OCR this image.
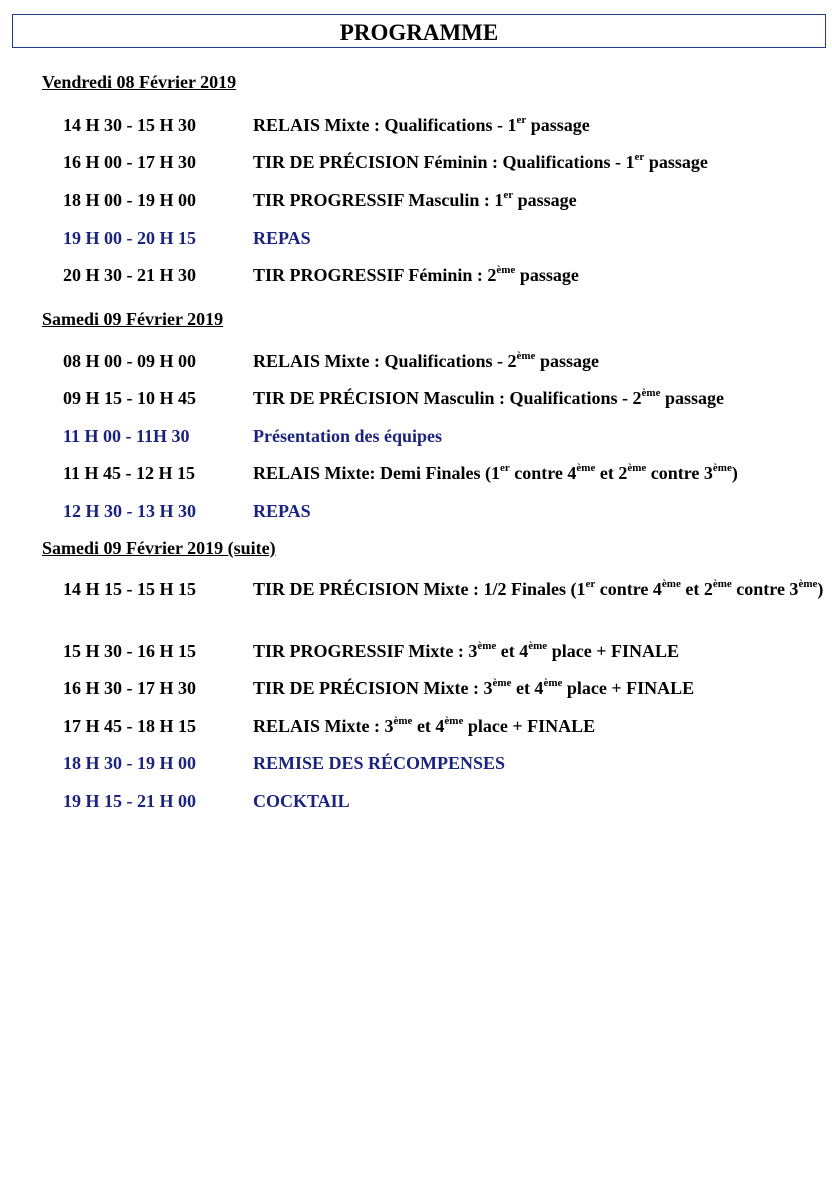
PROGRAMME
Vendredi 08 Février 2019
14 H 30 - 15 H 30	RELAIS Mixte : Qualifications - 1er passage
16 H 00 - 17 H 30	TIR DE PRÉCISION Féminin : Qualifications - 1er passage
18 H 00 - 19 H 00	TIR PROGRESSIF Masculin : 1er passage
19 H 00 - 20 H 15	REPAS
20 H 30 - 21 H 30	TIR PROGRESSIF Féminin : 2ème passage
Samedi 09 Février 2019
08 H 00 - 09 H 00	RELAIS Mixte : Qualifications - 2ème passage
09 H 15 - 10 H 45	TIR DE PRÉCISION Masculin : Qualifications - 2ème passage
11 H 00 - 11H 30	Présentation des équipes
11 H 45 - 12 H 15	RELAIS Mixte: Demi Finales (1er contre 4ème et 2ème contre 3ème)
12 H 30 - 13 H 30	REPAS
Samedi 09 Février 2019 (suite)
14 H 15 - 15 H 15	TIR DE PRÉCISION Mixte : 1/2 Finales (1er contre 4ème et 2ème contre 3ème)
15 H 30 - 16 H 15	TIR PROGRESSIF Mixte : 3ème et 4ème place + FINALE
16 H 30 - 17 H 30	TIR DE PRÉCISION Mixte : 3ème et 4ème place + FINALE
17 H 45 - 18 H 15	RELAIS Mixte : 3ème et 4ème place + FINALE
18 H 30 - 19 H 00	REMISE DES RÉCOMPENSES
19 H 15 - 21 H 00	COCKTAIL
